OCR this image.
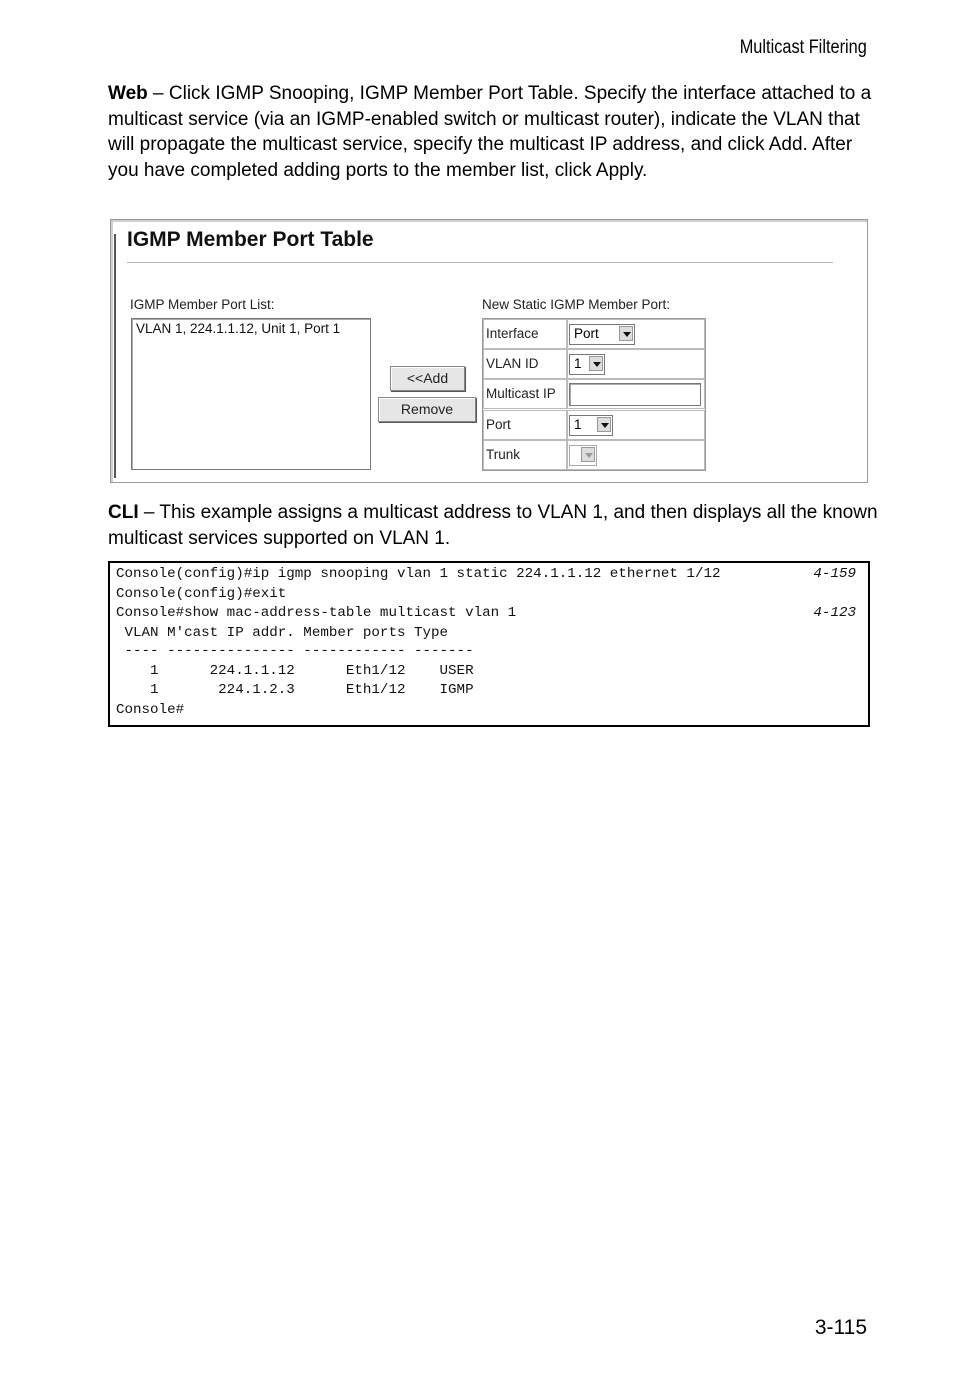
Multicast Filtering
Web – Click IGMP Snooping, IGMP Member Port Table. Specify the interface attached to a multicast service (via an IGMP-enabled switch or multicast router), indicate the VLAN that will propagate the multicast service, specify the multicast IP address, and click Add. After you have completed adding ports to the member list, click Apply.
IGMP Member Port Table
IGMP Member Port List:
VLAN 1, 224.1.1.12, Unit 1, Port 1
<<Add
Remove
New Static IGMP Member Port:
Interface	Port
VLAN ID	1
Multicast IP
Port	1
Trunk
CLI – This example assigns a multicast address to VLAN 1, and then displays all the known multicast services supported on VLAN 1.
Console(config)#ip igmp snooping vlan 1 static 224.1.1.12 ethernet 1/12	4-159
Console(config)#exit
Console#show mac-address-table multicast vlan 1	4-123
VLAN M'cast IP addr. Member ports Type
---- --------------- ------------ -------
1      224.1.1.12      Eth1/12    USER
1       224.1.2.3      Eth1/12    IGMP
Console#
3-115
